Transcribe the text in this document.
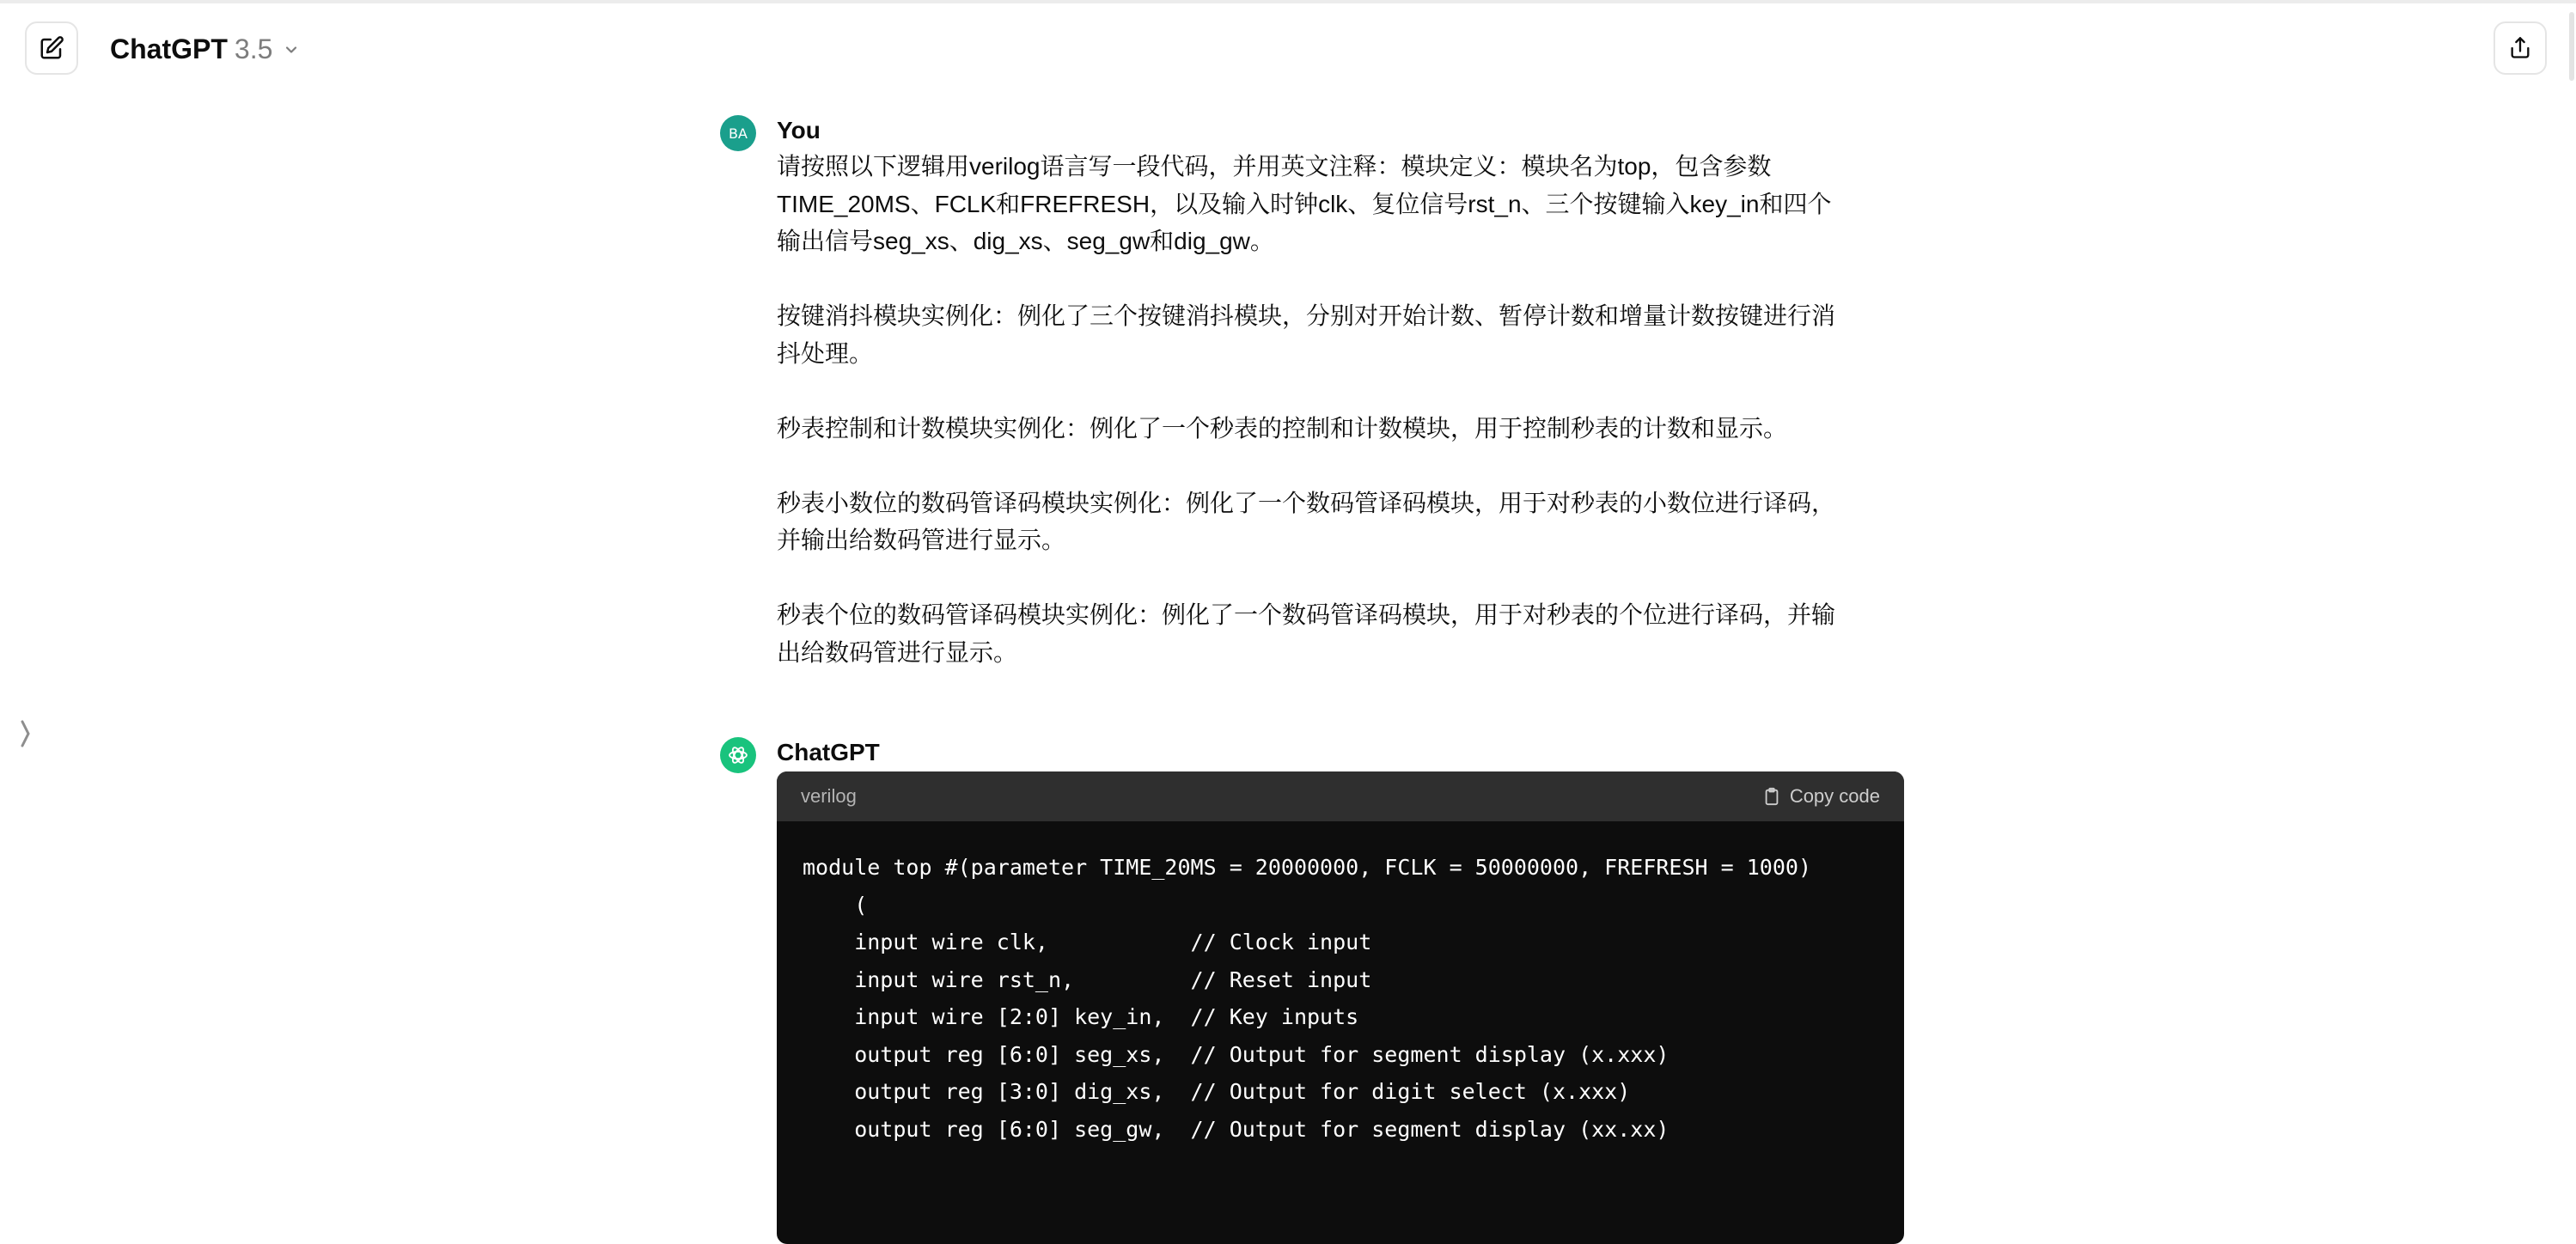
ChatGPT 3.5
BA	You

请按照以下逻辑用verilog语言写一段代码，并用英文注释：模块定义：模块名为top，包含参数TIME_20MS、FCLK和FREFRESH，以及输入时钟clk、复位信号rst_n、三个按键输入key_in和四个输出信号seg_xs、dig_xs、seg_gw和dig_gw。

按键消抖模块实例化：例化了三个按键消抖模块，分别对开始计数、暂停计数和增量计数按键进行消抖处理。

秒表控制和计数模块实例化：例化了一个秒表的控制和计数模块，用于控制秒表的计数和显示。

秒表小数位的数码管译码模块实例化：例化了一个数码管译码模块，用于对秒表的小数位进行译码，并输出给数码管进行显示。

秒表个位的数码管译码模块实例化：例化了一个数码管译码模块，用于对秒表的个位进行译码，并输出给数码管进行显示。

ChatGPT
verilog	Copy code
module top #(parameter TIME_20MS = 20000000, FCLK = 50000000, FREFRESH = 1000)
(
input wire clk,           // Clock input
input wire rst_n,         // Reset input
input wire [2:0] key_in,  // Key inputs
output reg [6:0] seg_xs,  // Output for segment display (x.xxx)
output reg [3:0] dig_xs,  // Output for digit select (x.xxx)
output reg [6:0] seg_gw,  // Output for segment display (xx.xx)
